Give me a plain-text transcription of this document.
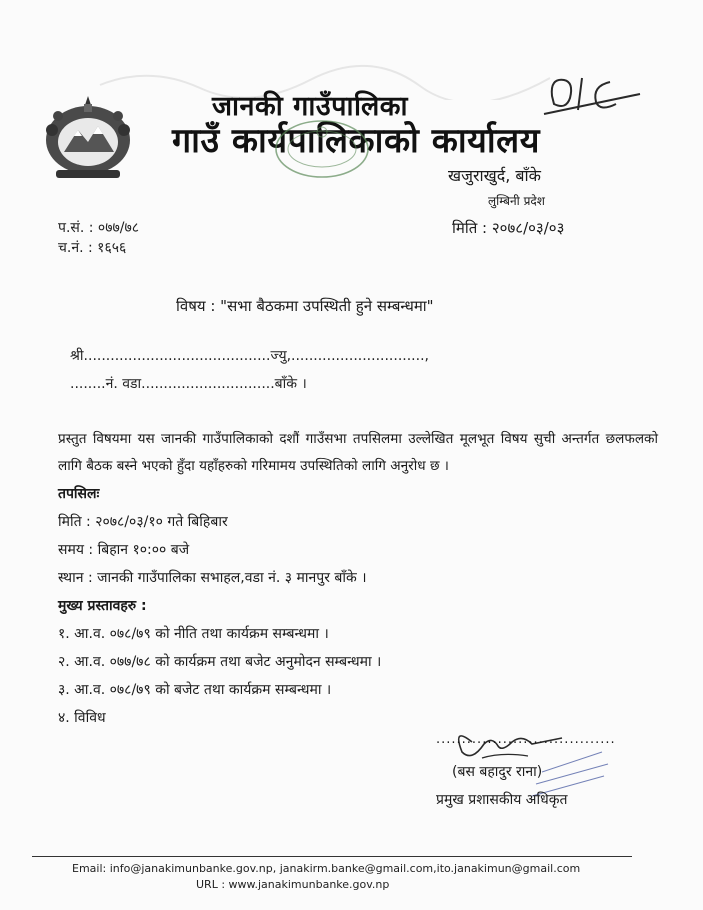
जानकी गाउँपालिका
गाउँ कार्यपालिकाको कार्यालय
खजुराखुर्द, बाँके
लुम्बिनी प्रदेश
प.सं. : ०७७/७८
च.नं. : १६५६
मिति : २०७८/०३/०३
विषय : "सभा बैठकमा उपस्थिती हुने सम्बन्धमा"
श्री..........................................ज्यु,..............................,
........नं. वडा..............................बाँके ।
प्रस्तुत विषयमा यस जानकी गाउँपालिकाको दशौं गाउँसभा तपसिलमा उल्लेखित मूलभूत विषय सुची अन्तर्गत छलफलको लागि बैठक बस्ने भएको हुँदा यहाँहरुको गरिमामय उपस्थितिको लागि अनुरोध छ ।
तपसिलः
मिति : २०७८/०३/१० गते बिहिबार
समय : बिहान १०:०० बजे
स्थान : जानकी गाउँपालिका सभाहल,वडा नं. ३ मानपुर बाँके ।
मुख्य प्रस्तावहरु :
१. आ.व. ०७८/७९ को नीति तथा कार्यक्रम सम्बन्धमा ।
२. आ.व. ०७७/७८ को कार्यक्रम तथा बजेट अनुमोदन सम्बन्धमा ।
३. आ.व. ०७८/७९ को बजेट तथा कार्यक्रम सम्बन्धमा ।
४. विविध
...................................
(बस बहादुर राना)
प्रमुख प्रशासकीय अधिकृत
Email: info@janakimunbanke.gov.np, janakirm.banke@gmail.com,ito.janakimun@gmail.com
URL : www.janakimunbanke.gov.np
